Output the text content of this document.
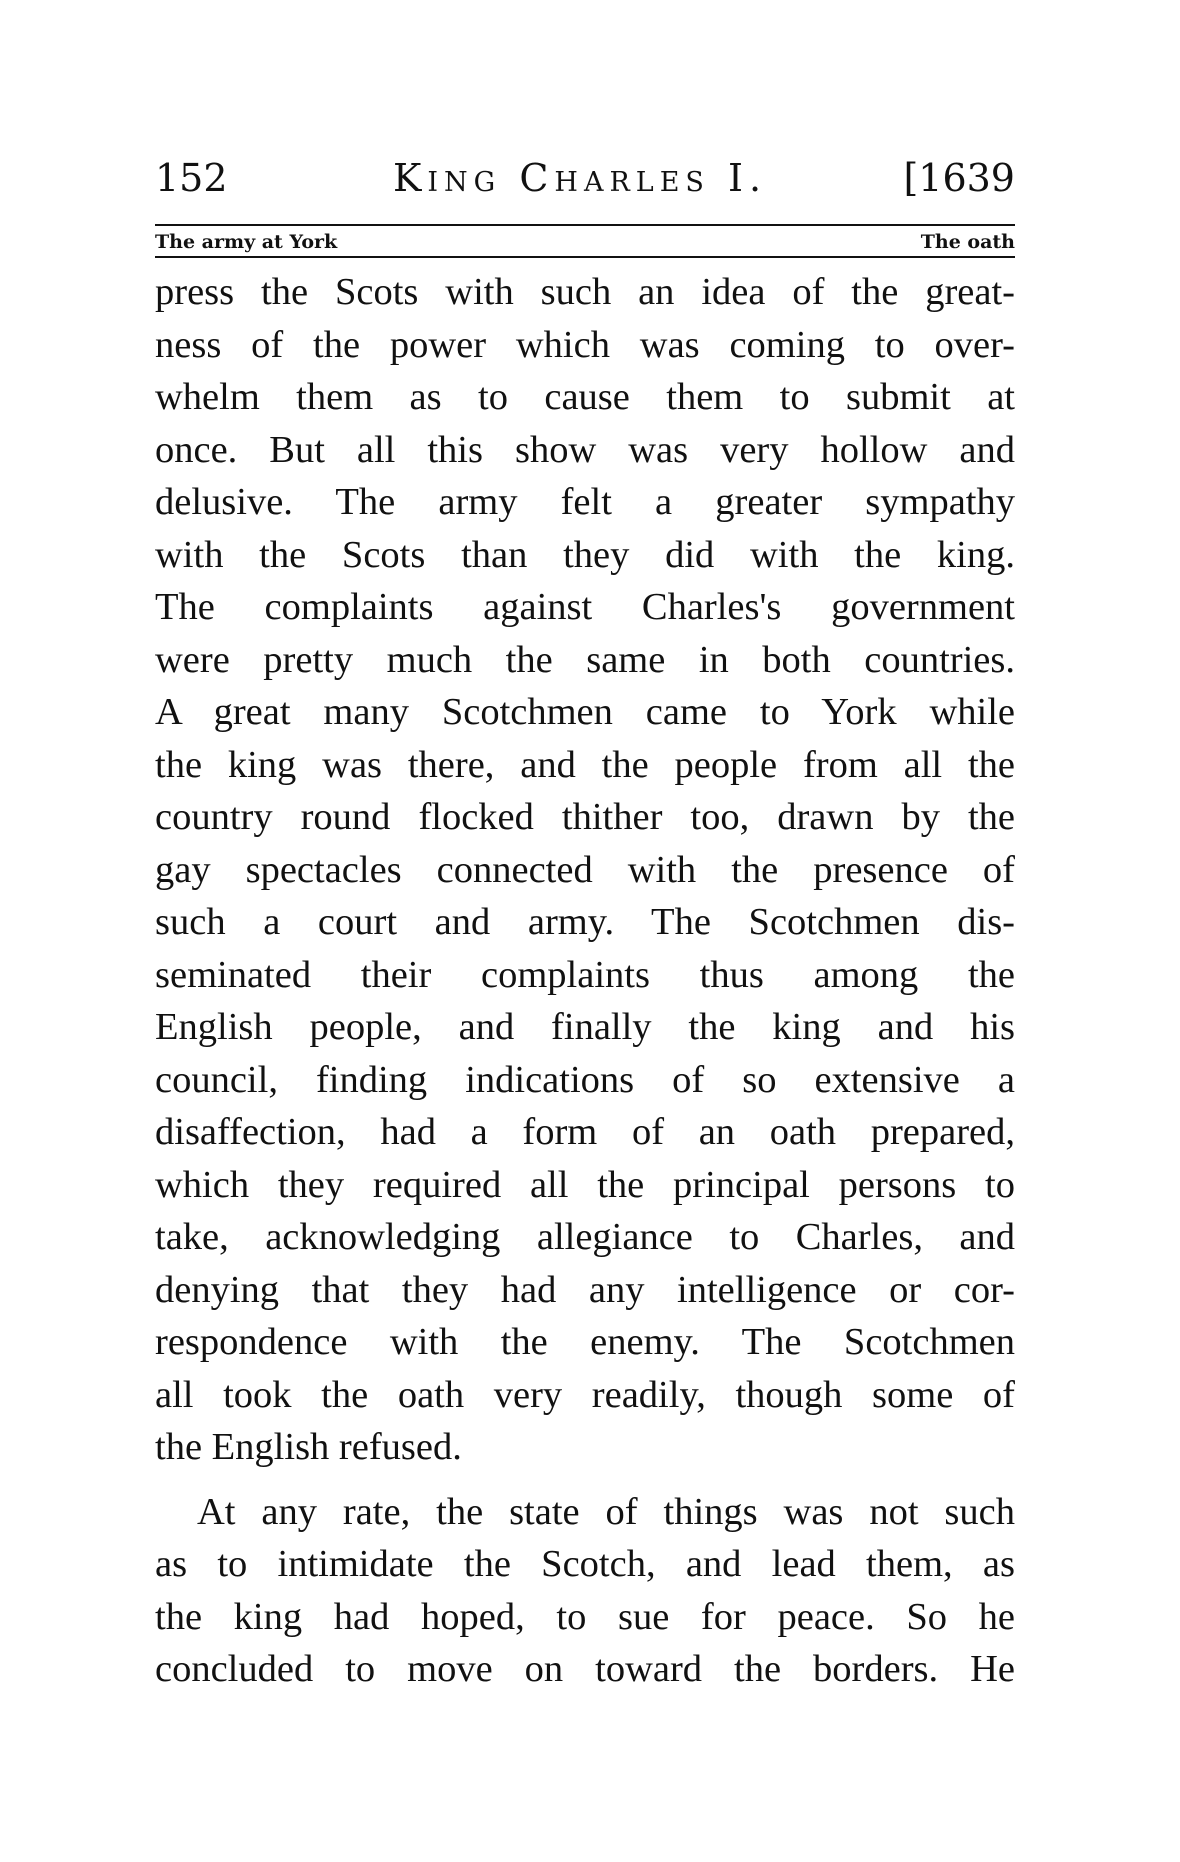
152	King Charles I.	[1639
The army at York	The oath
press the Scots with such an idea of the great-
ness of the power which was coming to over-
whelm them as to cause them to submit at
once. But all this show was very hollow and
delusive. The army felt a greater sympathy
with the Scots than they did with the king.
The complaints against Charles's government
were pretty much the same in both countries.
A great many Scotchmen came to York while
the king was there, and the people from all the
country round flocked thither too, drawn by the
gay spectacles connected with the presence of
such a court and army. The Scotchmen dis-
seminated their complaints thus among the
English people, and finally the king and his
council, finding indications of so extensive a
disaffection, had a form of an oath prepared,
which they required all the principal persons to
take, acknowledging allegiance to Charles, and
denying that they had any intelligence or cor-
respondence with the enemy. The Scotchmen
all took the oath very readily, though some of
the English refused.
At any rate, the state of things was not such
as to intimidate the Scotch, and lead them, as
the king had hoped, to sue for peace. So he
concluded to move on toward the borders. He
